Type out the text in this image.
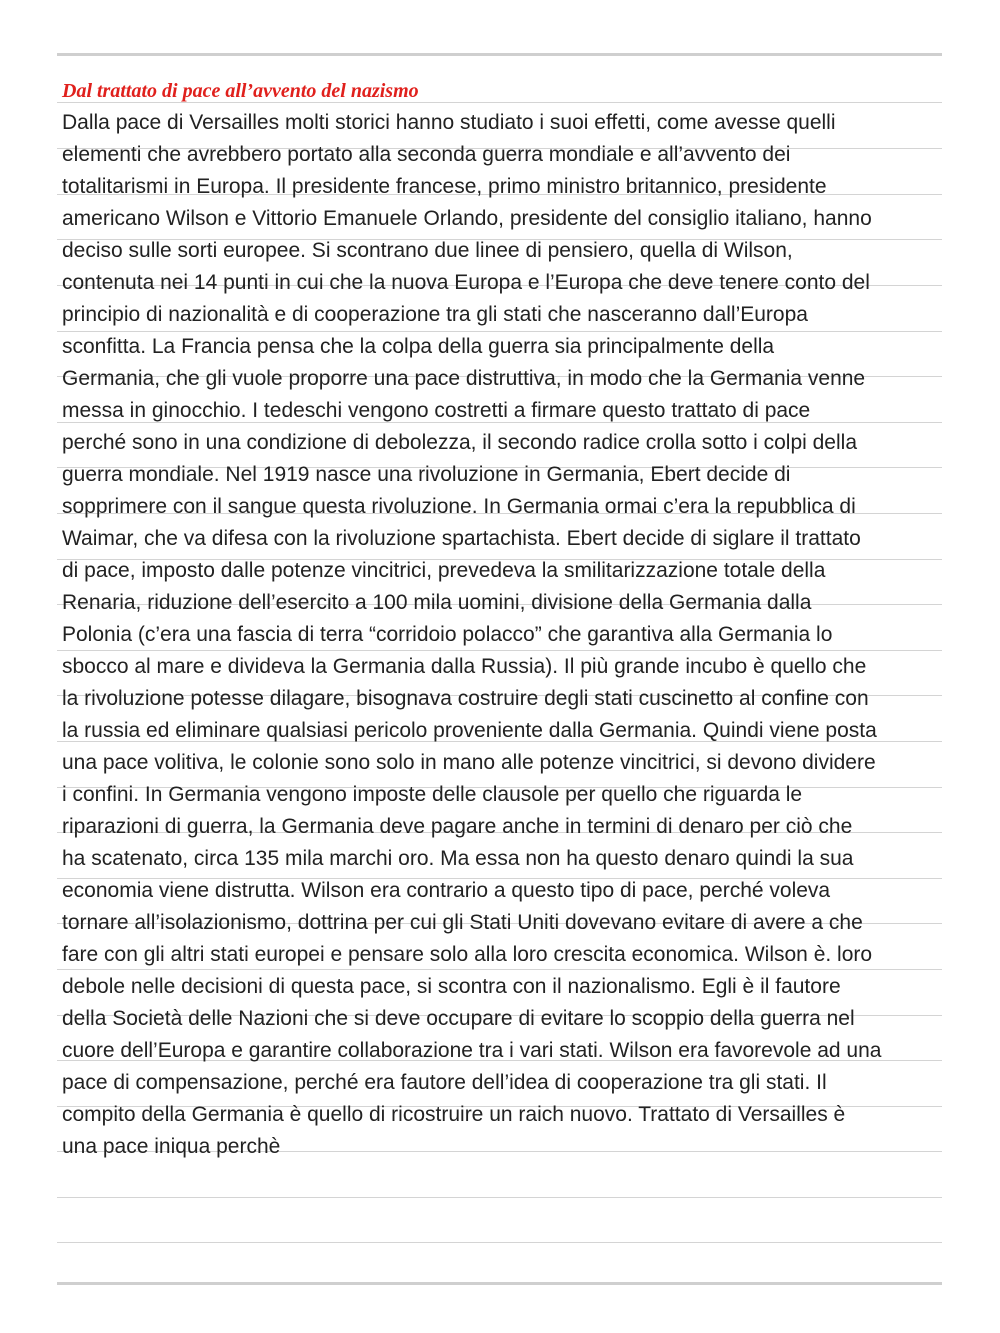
Dal trattato di pace all’avvento del nazismo
Dalla pace di Versailles molti storici hanno studiato i suoi effetti, come avesse quelli
elementi che avrebbero portato alla seconda guerra mondiale e all’avvento dei
totalitarismi in Europa. Il presidente francese, primo ministro britannico, presidente
americano Wilson e Vittorio Emanuele Orlando, presidente del consiglio italiano, hanno
deciso sulle sorti europee. Si scontrano due linee di pensiero, quella di Wilson,
contenuta nei 14 punti in cui che la nuova Europa e l’Europa che deve tenere conto del
principio di nazionalità e di cooperazione tra gli stati che nasceranno dall’Europa
sconfitta. La Francia pensa che la colpa della guerra sia principalmente della
Germania, che gli vuole proporre una pace distruttiva, in modo che la Germania venne
messa in ginocchio. I tedeschi vengono costretti a firmare questo trattato di pace
perché sono in una condizione di debolezza, il secondo radice crolla sotto i colpi della
guerra mondiale. Nel 1919 nasce una rivoluzione in Germania, Ebert decide di
sopprimere con il sangue questa rivoluzione. In Germania ormai c’era la repubblica di
Waimar, che va difesa con la rivoluzione spartachista. Ebert decide di siglare il trattato
di pace, imposto dalle potenze vincitrici, prevedeva la smilitarizzazione totale della
Renaria, riduzione dell’esercito a 100 mila uomini, divisione della Germania dalla
Polonia (c’era una fascia di terra “corridoio polacco” che garantiva alla Germania lo
sbocco al mare e divideva la Germania dalla Russia). Il più grande incubo è quello che
la rivoluzione potesse dilagare, bisognava costruire degli stati cuscinetto al confine con
la russia ed eliminare qualsiasi pericolo proveniente dalla Germania. Quindi viene posta
una pace volitiva, le colonie sono solo in mano alle potenze vincitrici, si devono dividere
i confini. In Germania vengono imposte delle clausole per quello che riguarda le
riparazioni di guerra, la Germania deve pagare anche in termini di denaro per ciò che
ha scatenato, circa 135 mila marchi oro. Ma essa non ha questo denaro quindi la sua
economia viene distrutta. Wilson era contrario a questo tipo di pace, perché voleva
tornare all’isolazionismo, dottrina per cui gli Stati Uniti dovevano evitare di avere a che
fare con gli altri stati europei e pensare solo alla loro crescita economica. Wilson è. loro
debole nelle decisioni di questa pace, si scontra con il nazionalismo. Egli è il fautore
della Società delle Nazioni che si deve occupare di evitare lo scoppio della guerra nel
cuore dell’Europa e garantire collaborazione tra i vari stati. Wilson era favorevole ad una
pace di compensazione, perché era fautore dell’idea di cooperazione tra gli stati. Il
compito della Germania è quello di ricostruire un raich nuovo. Trattato di Versailles è
una pace iniqua perchè
